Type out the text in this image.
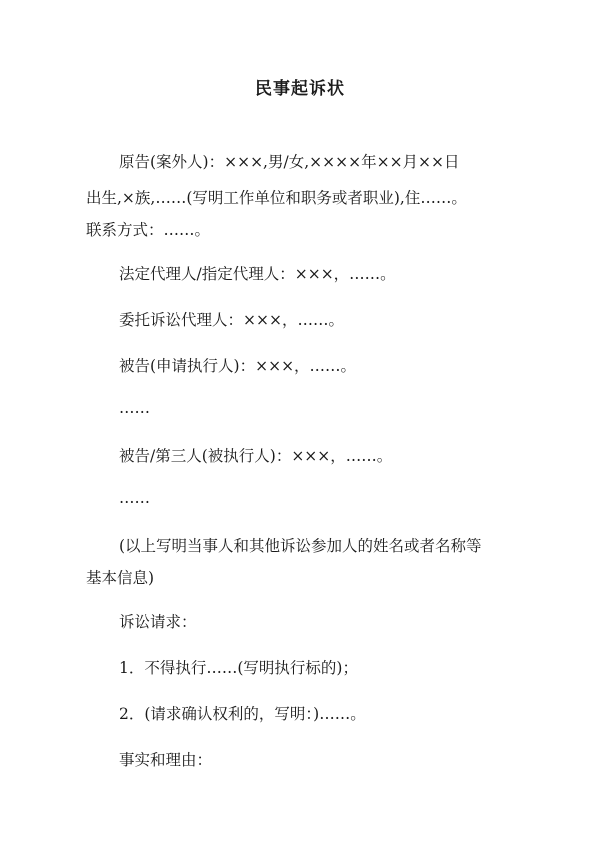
民事起诉状
原告(案外人)：×××,男/女,××××年××月××日
出生,×族,……(写明工作单位和职务或者职业),住……。
联系方式：……。
法定代理人/指定代理人：×××，……。
委托诉讼代理人：×××，……。
被告(申请执行人)：×××，……。
……
被告/第三人(被执行人)：×××，……。
……
(以上写明当事人和其他诉讼参加人的姓名或者名称等
基本信息)
诉讼请求：
1．不得执行……(写明执行标的)；
2．(请求确认权利的，写明：)……。
事实和理由：
